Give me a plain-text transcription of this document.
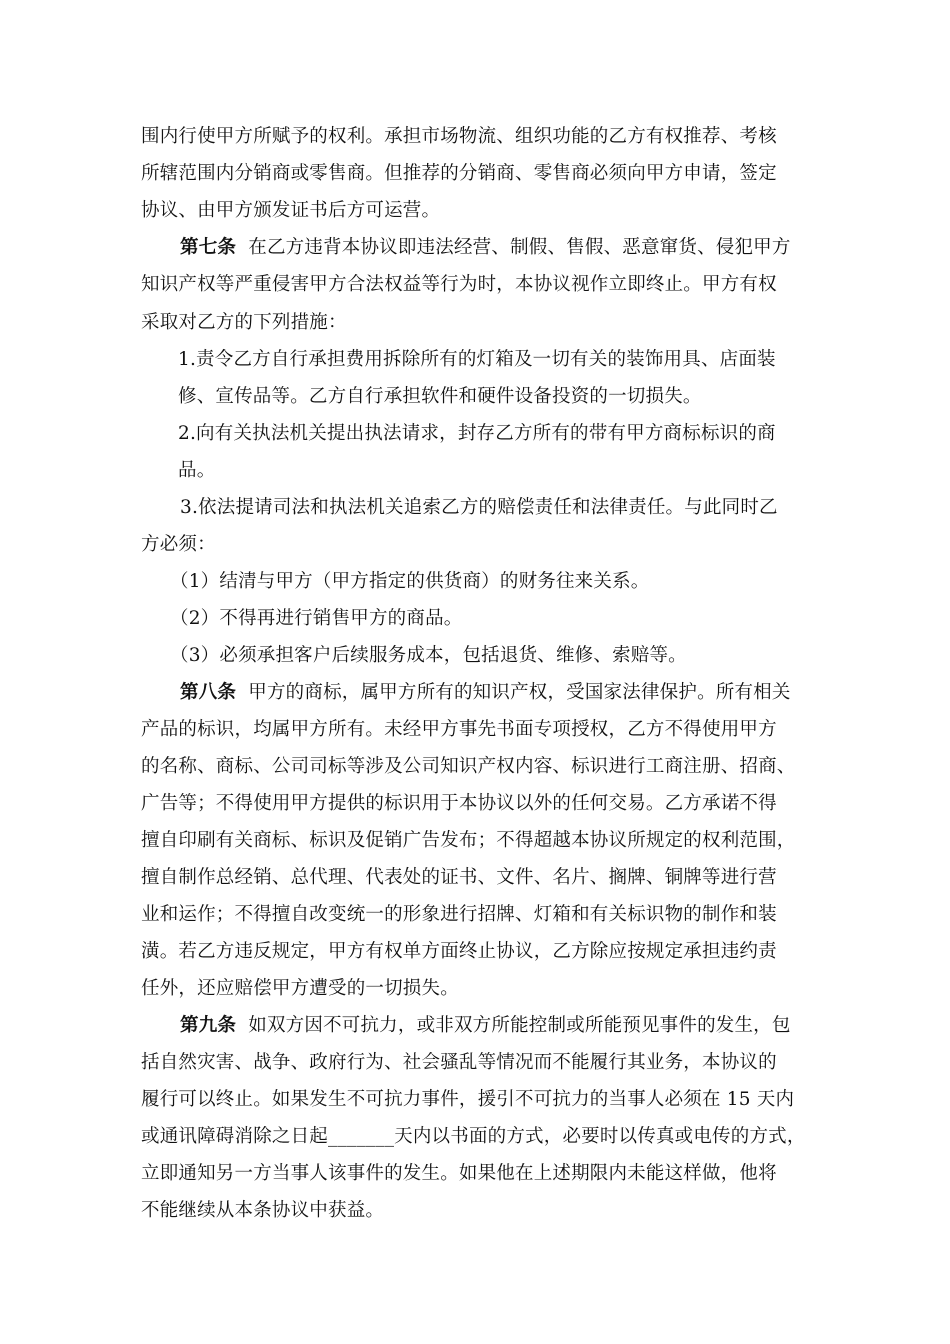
围内行使甲方所赋予的权利。承担市场物流、组织功能的乙方有权推荐、考核
所辖范围内分销商或零售商。但推荐的分销商、零售商必须向甲方申请，签定
协议、由甲方颁发证书后方可运营。
第七条 在乙方违背本协议即违法经营、制假、售假、恶意窜货、侵犯甲方
知识产权等严重侵害甲方合法权益等行为时，本协议视作立即终止。甲方有权
采取对乙方的下列措施：
1.责令乙方自行承担费用拆除所有的灯箱及一切有关的装饰用具、店面装
修、宣传品等。乙方自行承担软件和硬件设备投资的一切损失。
2.向有关执法机关提出执法请求，封存乙方所有的带有甲方商标标识的商
品。
3.依法提请司法和执法机关追索乙方的赔偿责任和法律责任。与此同时乙
方必须：
（1）结清与甲方（甲方指定的供货商）的财务往来关系。
（2）不得再进行销售甲方的商品。
（3）必须承担客户后续服务成本，包括退货、维修、索赔等。
第八条 甲方的商标，属甲方所有的知识产权，受国家法律保护。所有相关
产品的标识，均属甲方所有。未经甲方事先书面专项授权，乙方不得使用甲方
的名称、商标、公司司标等涉及公司知识产权内容、标识进行工商注册、招商、
广告等；不得使用甲方提供的标识用于本协议以外的任何交易。乙方承诺不得
擅自印刷有关商标、标识及促销广告发布；不得超越本协议所规定的权利范围，
擅自制作总经销、总代理、代表处的证书、文件、名片、搁牌、铜牌等进行营
业和运作；不得擅自改变统一的形象进行招牌、灯箱和有关标识物的制作和装
潢。若乙方违反规定，甲方有权单方面终止协议，乙方除应按规定承担违约责
任外，还应赔偿甲方遭受的一切损失。
第九条 如双方因不可抗力，或非双方所能控制或所能预见事件的发生，包
括自然灾害、战争、政府行为、社会骚乱等情况而不能履行其业务，本协议的
履行可以终止。如果发生不可抗力事件，援引不可抗力的当事人必须在 15 天内
或通讯障碍消除之日起_______天内以书面的方式，必要时以传真或电传的方式，
立即通知另一方当事人该事件的发生。如果他在上述期限内未能这样做，他将
不能继续从本条协议中获益。
